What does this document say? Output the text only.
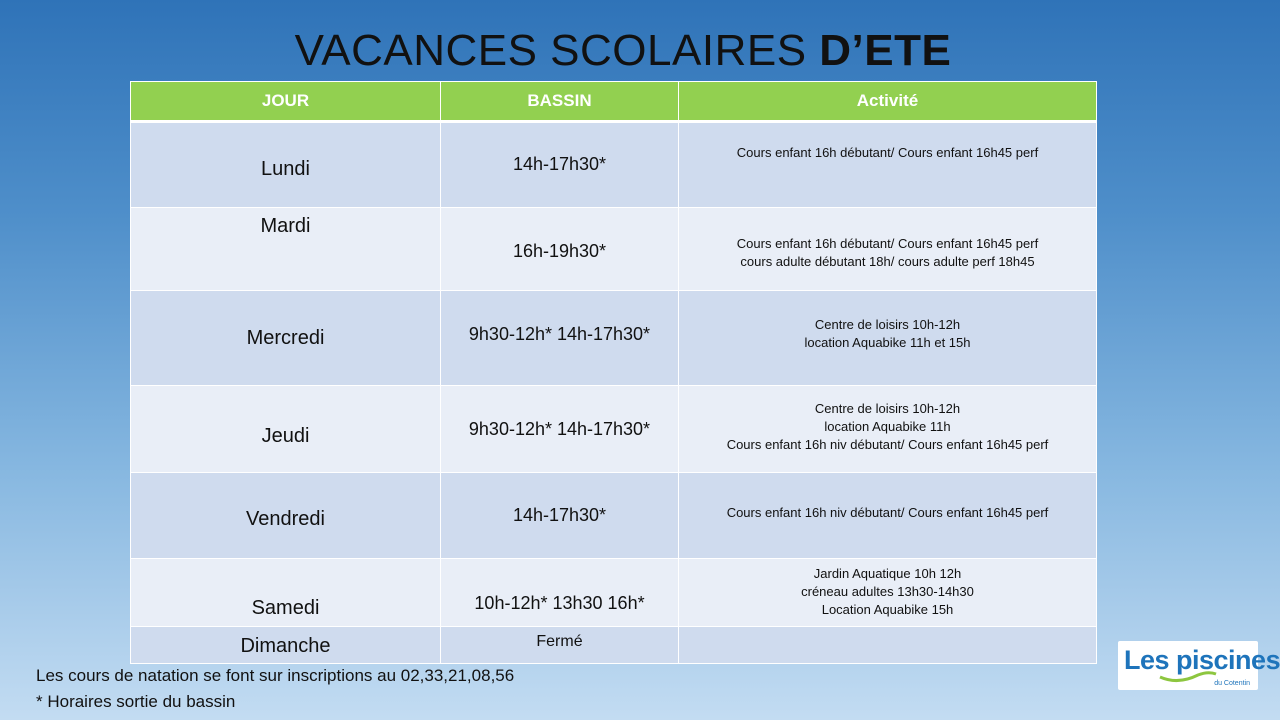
VACANCES SCOLAIRES D’ETE
JOUR	BASSIN	Activité

Lundi	14h-17h30*	Cours enfant 16h débutant/ Cours enfant 16h45 perf

Mardi	16h-19h30*	Cours enfant 16h débutant/ Cours enfant 16h45 perf
cours adulte débutant 18h/ cours adulte perf 18h45

Mercredi	9h30-12h* 14h-17h30*	Centre de loisirs 10h-12h
location Aquabike 11h et 15h

Jeudi	9h30-12h* 14h-17h30*	Centre de loisirs 10h-12h
location Aquabike 11h
Cours enfant 16h niv débutant/ Cours enfant 16h45 perf

Vendredi	14h-17h30*	Cours enfant 16h niv débutant/ Cours enfant 16h45 perf

Samedi	10h-12h* 13h30 16h*	Jardin Aquatique 10h 12h
créneau adultes 13h30-14h30
Location Aquabike 15h

Dimanche	Fermé	

Les cours de natation se font sur inscriptions au 02,33,21,08,56
* Horaires sortie du bassin
Les piscines
du Cotentin
